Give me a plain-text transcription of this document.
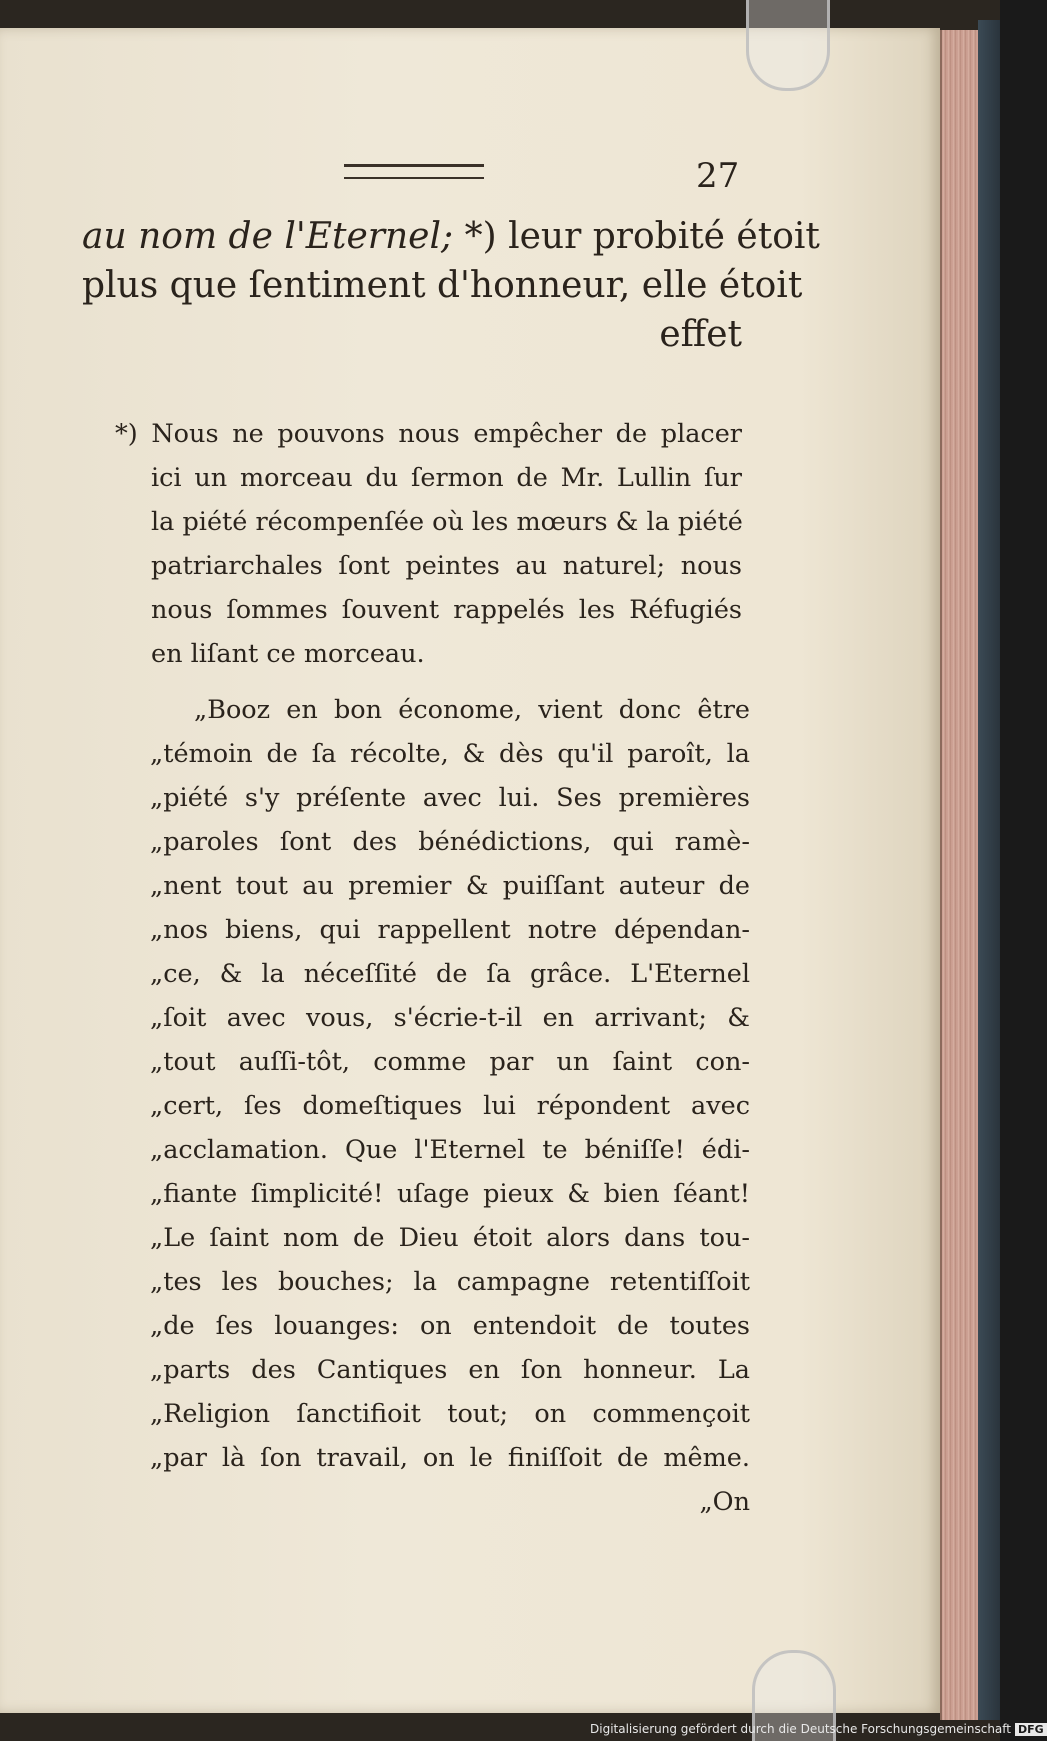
27
au nom de l'Eternel; *) leur probité étoit
plus que ſentiment d'honneur, elle étoit
effet
*) Nous ne pouvons nous empêcher de placer
ici un morceau du ſermon de Mr. Lullin ſur
la piété récompenſée où les mœurs & la piété
patriarchales ſont peintes au naturel; nous
nous ſommes ſouvent rappelés les Réfugiés
en liſant ce morceau.
„Booz en bon économe, vient donc être
„témoin de ſa récolte, & dès qu'il paroît, la
„piété s'y préſente avec lui. Ses premières
„paroles ſont des bénédictions, qui ramè-
„nent tout au premier & puiſſant auteur de
„nos biens, qui rappellent notre dépendan-
„ce, & la néceſſité de ſa grâce. L'Eternel
„ſoit avec vous, s'écrie-t-il en arrivant; &
„tout auſſi-tôt, comme par un ſaint con-
„cert, ſes domeſtiques lui répondent avec
„acclamation. Que l'Eternel te béniſſe! édi-
„fiante ſimplicité! uſage pieux & bien ſéant!
„Le ſaint nom de Dieu étoit alors dans tou-
„tes les bouches; la campagne retentiſſoit
„de ſes louanges: on entendoit de toutes
„parts des Cantiques en ſon honneur. La
„Religion ſanctifioit tout; on commençoit
„par là ſon travail, on le finiſſoit de même.
„On
Digitalisierung gefördert durch die Deutsche Forschungsgemeinschaft DFG
